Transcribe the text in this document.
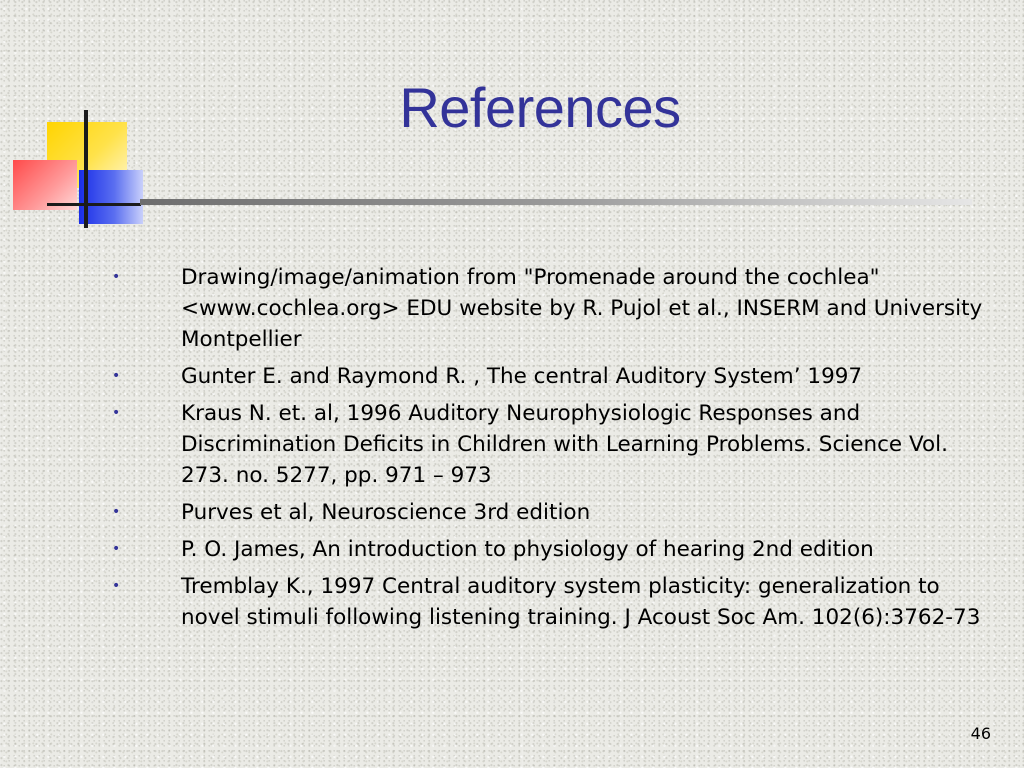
References
•	Drawing/image/animation from "Promenade around the cochlea" <www.cochlea.org> EDU website by R. Pujol et al., INSERM and University Montpellier
•	Gunter E. and Raymond R. , The central Auditory System’ 1997
•	Kraus N. et. al, 1996 Auditory Neurophysiologic Responses and Discrimination Deficits in Children with Learning Problems. Science Vol. 273. no. 5277, pp. 971 – 973
•	Purves et al, Neuroscience 3rd edition
•	P. O. James, An introduction to physiology of hearing 2nd edition
•	Tremblay K., 1997 Central auditory system plasticity: generalization to novel stimuli following listening training. J Acoust Soc Am. 102(6):3762-73
46
